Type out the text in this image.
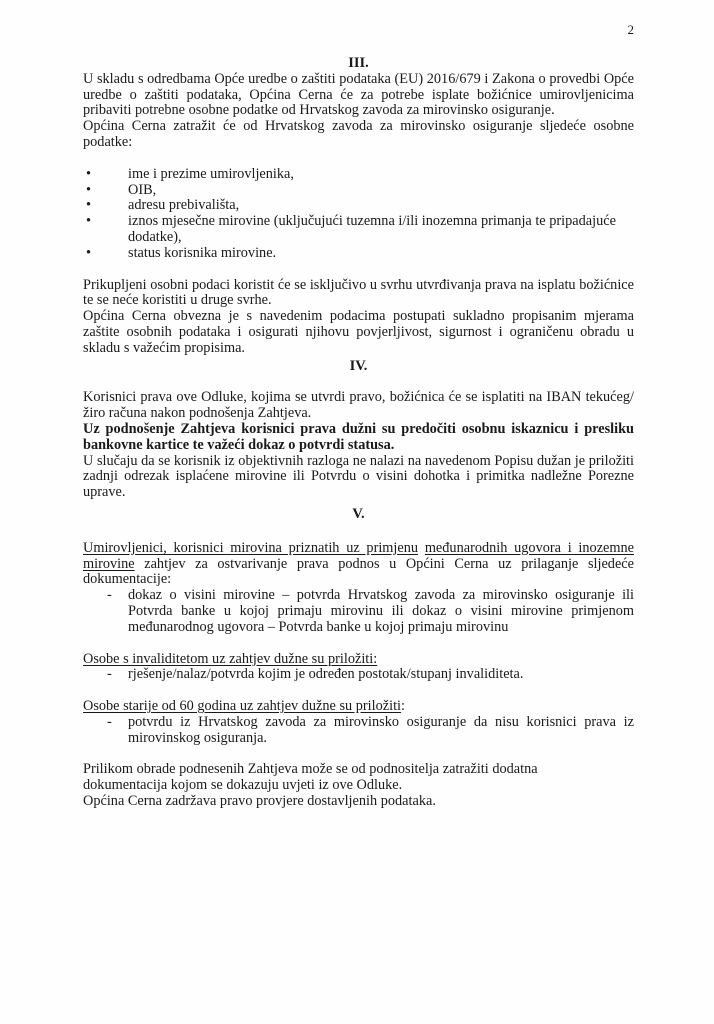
2
III.

U skladu s odredbama Opće uredbe o zaštiti podataka (EU) 2016/679 i Zakona o provedbi Opće uredbe o zaštiti podataka, Općina Cerna će za potrebe isplate božićnice umirovljenicima pribaviti potrebne osobne podatke od Hrvatskog zavoda za mirovinsko osiguranje.

Općina Cerna zatražit će od Hrvatskog zavoda za mirovinsko osiguranje sljedeće osobne podatke:

•	ime i prezime umirovljenika,
•	OIB,
•	adresu prebivališta,
•	iznos mjesečne mirovine (uključujući tuzemna i/ili inozemna primanja te pripadajuće dodatke),
•	status korisnika mirovine.

Prikupljeni osobni podaci koristit će se isključivo u svrhu utvrđivanja prava na isplatu božićnice te se neće koristiti u druge svrhe.

Općina Cerna obvezna je s navedenim podacima postupati sukladno propisanim mjerama zaštite osobnih podataka i osigurati njihovu povjerljivost, sigurnost i ograničenu obradu u skladu s važećim propisima.

IV.

Korisnici prava ove Odluke, kojima se utvrdi pravo, božićnica će se isplatiti na IBAN tekućeg/žiro računa nakon podnošenja Zahtjeva.

Uz podnošenje Zahtjeva korisnici prava dužni su predočiti osobnu iskaznicu i presliku bankovne kartice te važeći dokaz o potvrdi statusa.

U slučaju da se korisnik iz objektivnih razloga ne nalazi na navedenom Popisu dužan je priložiti zadnji odrezak isplaćene mirovine ili Potvrdu o visini dohotka i primitka nadležne Porezne uprave.

V.

Umirovljenici, korisnici mirovina priznatih uz primjenu međunarodnih ugovora i inozemne mirovine zahtjev za ostvarivanje prava podnos u Općini Cerna uz prilaganje sljedeće dokumentacije:

- dokaz o visini mirovine – potvrda Hrvatskog zavoda za mirovinsko osiguranje ili Potvrda banke u kojoj primaju mirovinu ili dokaz o visini mirovine primjenom međunarodnog ugovora – Potvrda banke u kojoj primaju mirovinu

Osobe s invaliditetom uz zahtjev dužne su priložiti:

- rješenje/nalaz/potvrda kojim je određen postotak/stupanj invaliditeta.

Osobe starije od 60 godina uz zahtjev dužne su priložiti:

- potvrdu iz Hrvatskog zavoda za mirovinsko osiguranje da nisu korisnici prava iz mirovinskog osiguranja.

Prilikom obrade podnesenih Zahtjeva može se od podnositelja zatražiti dodatna dokumentacija kojom se dokazuju uvjeti iz ove Odluke.

Općina Cerna zadržava pravo provjere dostavljenih podataka.
